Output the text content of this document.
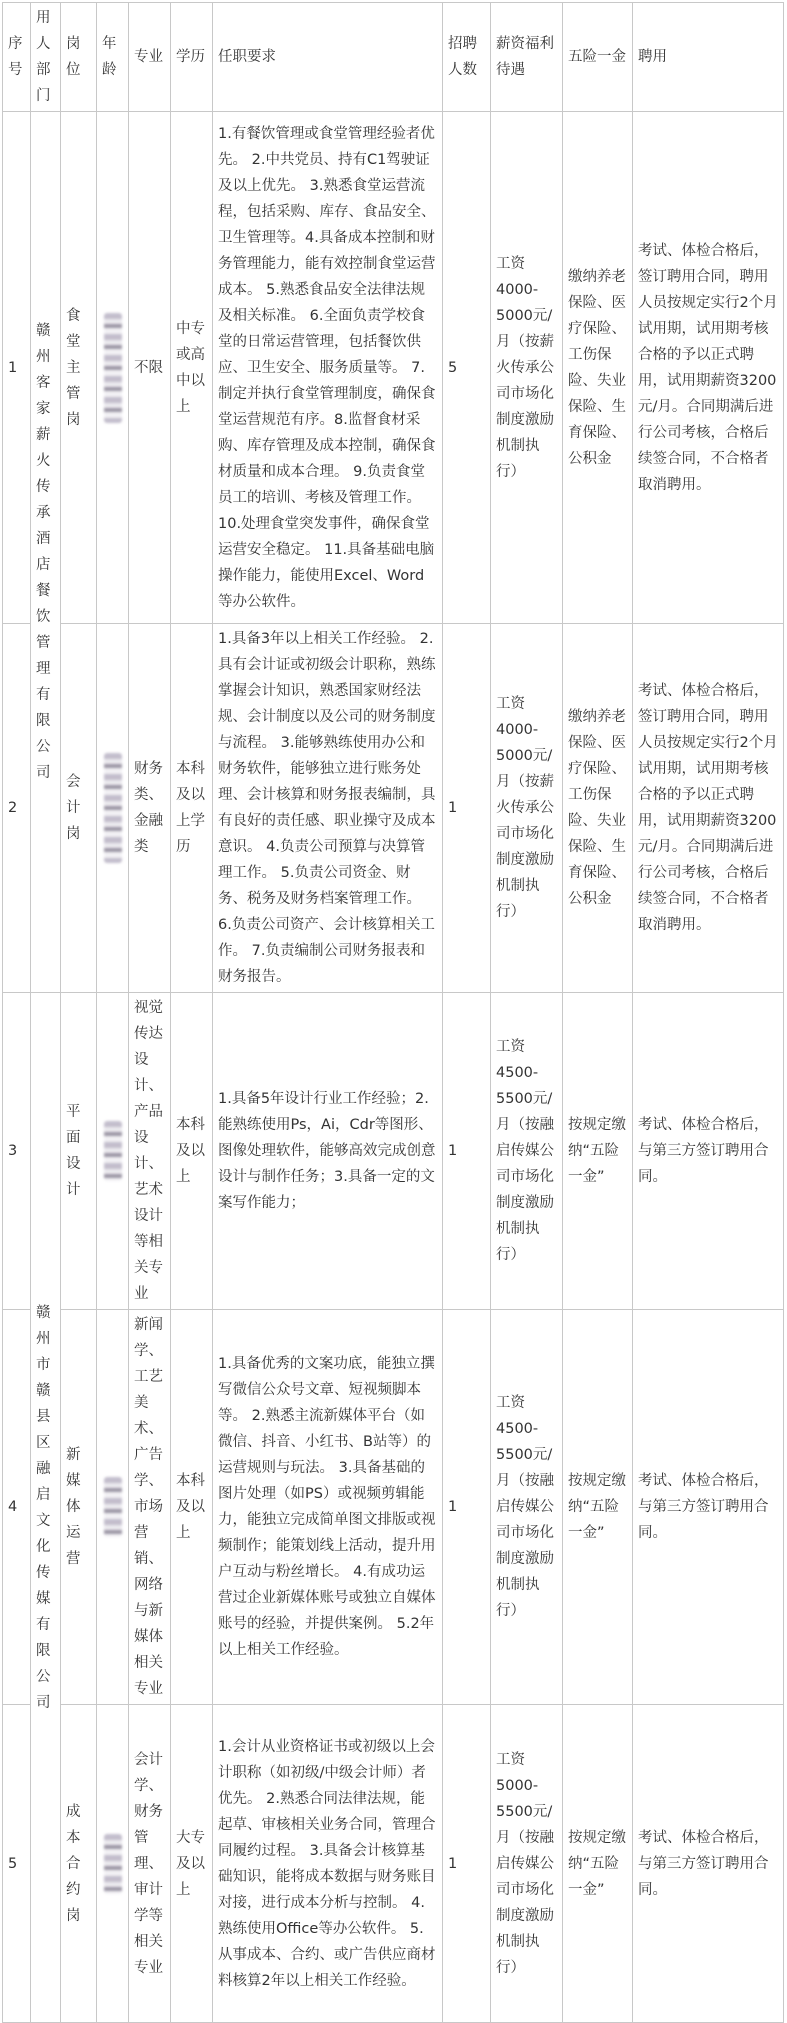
序号	用人部门	岗位	年龄	专业	学历	任职要求	招聘人数	薪资福利待遇	五险一金	聘用
1	赣州客家薪火传承酒店餐饮管理有限公司	食堂主管岗		不限	中专或高中以上	1.有餐饮管理或食堂管理经验者优先。 2.中共党员、持有C1驾驶证及以上优先。 3.熟悉食堂运营流程，包括采购、库存、食品安全、卫生管理等。4.具备成本控制和财务管理能力，能有效控制食堂运营成本。 5.熟悉食品安全法律法规及相关标准。 6.全面负责学校食堂的日常运营管理，包括餐饮供应、卫生安全、服务质量等。 7.制定并执行食堂管理制度，确保食堂运营规范有序。8.监督食材采购、库存管理及成本控制，确保食材质量和成本合理。 9.负责食堂员工的培训、考核及管理工作。 10.处理食堂突发事件，确保食堂运营安全稳定。 11.具备基础电脑操作能力，能使用Excel、Word等办公软件。	5	工资4000-5000元/月（按薪火传承公司市场化制度激励机制执行）	缴纳养老保险、医疗保险、工伤保险、失业保险、生育保险、公积金	考试、体检合格后，签订聘用合同，聘用人员按规定实行2个月试用期，试用期考核合格的予以正式聘用，试用期薪资3200元/月。合同期满后进行公司考核，合格后续签合同，不合格者取消聘用。
2		会计岗		财务类、金融类	本科及以上学历	1.具备3年以上相关工作经验。 2.具有会计证或初级会计职称，熟练掌握会计知识，熟悉国家财经法规、会计制度以及公司的财务制度与流程。 3.能够熟练使用办公和财务软件，能够独立进行账务处理、会计核算和财务报表编制，具有良好的责任感、职业操守及成本意识。 4.负责公司预算与决算管理工作。 5.负责公司资金、财务、税务及财务档案管理工作。 6.负责公司资产、会计核算相关工作。 7.负责编制公司财务报表和财务报告。	1	工资4000-5000元/月（按薪火传承公司市场化制度激励机制执行）	缴纳养老保险、医疗保险、工伤保险、失业保险、生育保险、公积金	考试、体检合格后，签订聘用合同，聘用人员按规定实行2个月试用期，试用期考核合格的予以正式聘用，试用期薪资3200元/月。合同期满后进行公司考核，合格后续签合同，不合格者取消聘用。
3	赣州市赣县区融启文化传媒有限公司	平面设计		视觉传达设计、产品设计、艺术设计等相关专业	本科及以上	1.具备5年设计行业工作经验；2.能熟练使用Ps，Ai，Cdr等图形、图像处理软件，能够高效完成创意设计与制作任务；3.具备一定的文案写作能力；	1	工资4500-5500元/月（按融启传媒公司市场化制度激励机制执行）	按规定缴纳“五险一金”	考试、体检合格后，与第三方签订聘用合同。
4		新媒体运营		新闻学、工艺美术、广告学、市场营销、网络与新媒体相关专业	本科及以上	1.具备优秀的文案功底，能独立撰写微信公众号文章、短视频脚本等。 2.熟悉主流新媒体平台（如微信、抖音、小红书、B站等）的运营规则与玩法。 3.具备基础的图片处理（如PS）或视频剪辑能力，能独立完成简单图文排版或视频制作；能策划线上活动，提升用户互动与粉丝增长。 4.有成功运营过企业新媒体账号或独立自媒体账号的经验，并提供案例。 5.2年以上相关工作经验。	1	工资4500-5500元/月（按融启传媒公司市场化制度激励机制执行）	按规定缴纳“五险一金”	考试、体检合格后，与第三方签订聘用合同。
5		成本合约岗		会计学、财务管理、审计学等相关专业	大专及以上	1.会计从业资格证书或初级以上会计职称（如初级/中级会计师）者优先。 2.熟悉合同法律法规，能起草、审核相关业务合同，管理合同履约过程。 3.具备会计核算基础知识，能将成本数据与财务账目对接，进行成本分析与控制。 4.熟练使用Office等办公软件。 5.从事成本、合约、或广告供应商材料核算2年以上相关工作经验。	1	工资5000-5500元/月（按融启传媒公司市场化制度激励机制执行）	按规定缴纳“五险一金”	考试、体检合格后，与第三方签订聘用合同。
